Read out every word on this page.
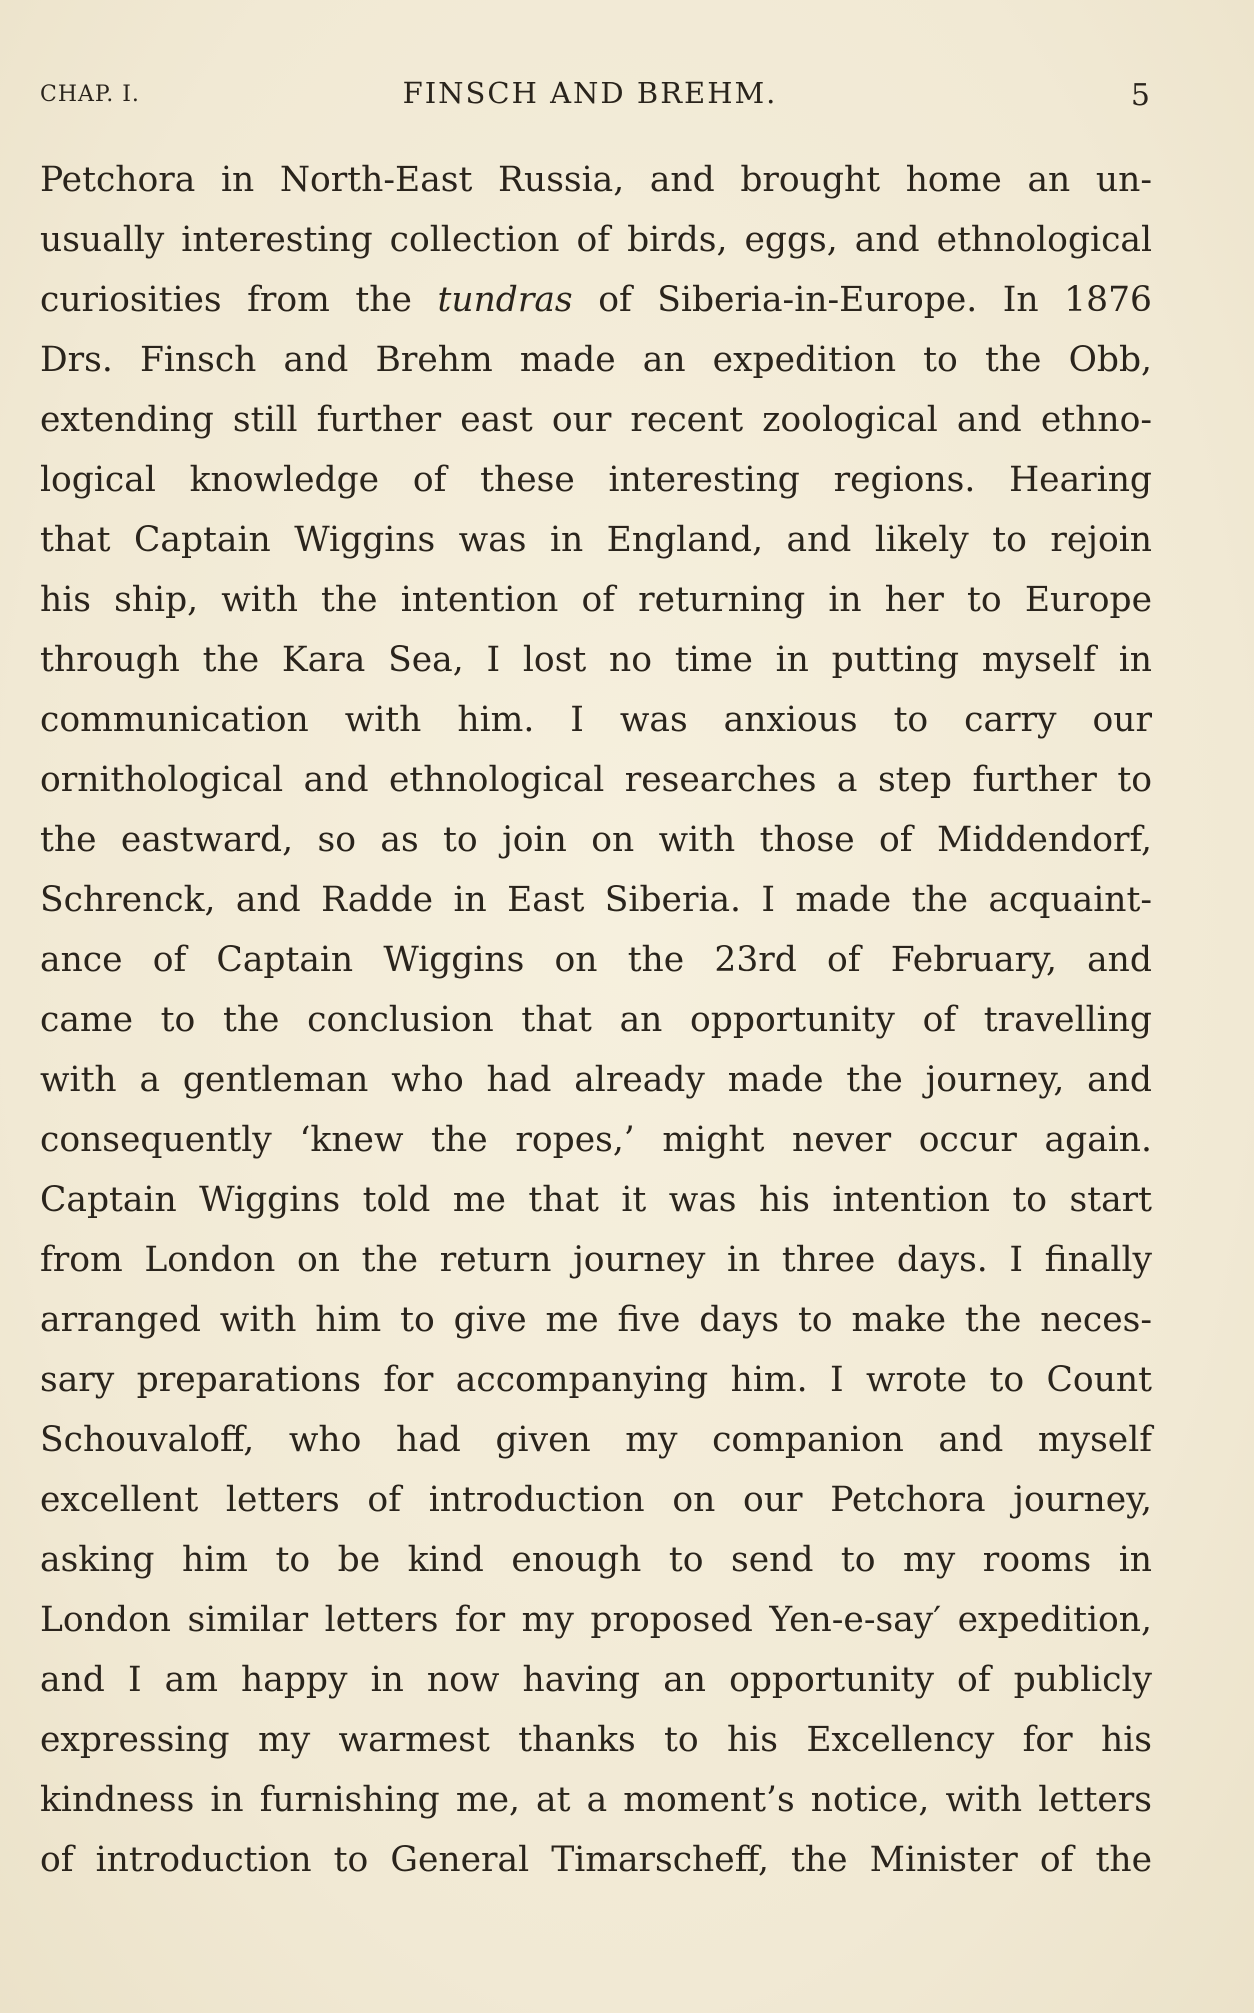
CHAP. I.	FINSCH AND BREHM.	5
Petchora in North-East Russia, and brought home an un-
usually interesting collection of birds, eggs, and ethnological
curiosities from the tundras of Siberia-in-Europe. In 1876
Drs. Finsch and Brehm made an expedition to the Obb,
extending still further east our recent zoological and ethno-
logical knowledge of these interesting regions. Hearing
that Captain Wiggins was in England, and likely to rejoin
his ship, with the intention of returning in her to Europe
through the Kara Sea, I lost no time in putting myself in
communication with him. I was anxious to carry our
ornithological and ethnological researches a step further to
the eastward, so as to join on with those of Middendorf,
Schrenck, and Radde in East Siberia. I made the acquaint-
ance of Captain Wiggins on the 23rd of February, and
came to the conclusion that an opportunity of travelling
with a gentleman who had already made the journey, and
consequently ‘knew the ropes,’ might never occur again.
Captain Wiggins told me that it was his intention to start
from London on the return journey in three days. I finally
arranged with him to give me five days to make the neces-
sary preparations for accompanying him. I wrote to Count
Schouvaloff, who had given my companion and myself
excellent letters of introduction on our Petchora journey,
asking him to be kind enough to send to my rooms in
London similar letters for my proposed Yen-e-say′ expedition,
and I am happy in now having an opportunity of publicly
expressing my warmest thanks to his Excellency for his
kindness in furnishing me, at a moment’s notice, with letters
of introduction to General Timarscheff, the Minister of the
